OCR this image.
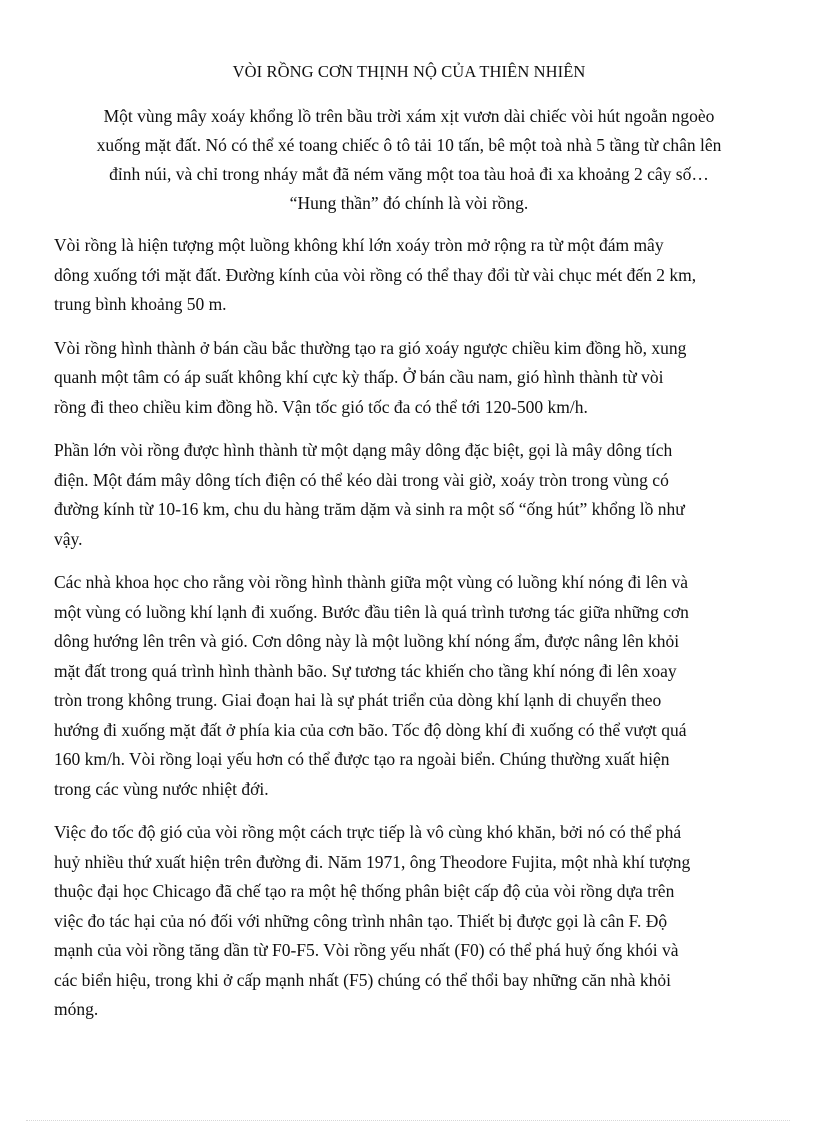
VÒI RỒNG CƠN THỊNH NỘ CỦA THIÊN NHIÊN
Một vùng mây xoáy khổng lồ trên bầu trời xám xịt vươn dài chiếc vòi hút ngoằn ngoèo
xuống mặt đất. Nó có thể xé toang chiếc ô tô tải 10 tấn, bê một toà nhà 5 tầng từ chân lên
đỉnh núi, và chỉ trong nháy mắt đã ném văng một toa tàu hoả đi xa khoảng 2 cây số…
“Hung thần” đó chính là vòi rồng.
Vòi rồng là hiện tượng một luồng không khí lớn xoáy tròn mở rộng ra từ một đám mây
dông xuống tới mặt đất. Đường kính của vòi rồng có thể thay đổi từ vài chục mét đến 2 km,
trung bình khoảng 50 m.
Vòi rồng hình thành ở bán cầu bắc thường tạo ra gió xoáy ngược chiều kim đồng hồ, xung
quanh một tâm có áp suất không khí cực kỳ thấp. Ở bán cầu nam, gió hình thành từ vòi
rồng đi theo chiều kim đồng hồ. Vận tốc gió tốc đa có thể tới 120-500 km/h.
Phần lớn vòi rồng được hình thành từ một dạng mây dông đặc biệt, gọi là mây dông tích
điện. Một đám mây dông tích điện có thể kéo dài trong vài giờ, xoáy tròn trong vùng có
đường kính từ 10-16 km, chu du hàng trăm dặm và sinh ra một số “ống hút” khổng lồ như
vậy.
Các nhà khoa học cho rằng vòi rồng hình thành giữa một vùng có luồng khí nóng đi lên và
một vùng có luồng khí lạnh đi xuống. Bước đầu tiên là quá trình tương tác giữa những cơn
dông hướng lên trên và gió. Cơn dông này là một luồng khí nóng ẩm, được nâng lên khỏi
mặt đất trong quá trình hình thành bão. Sự tương tác khiến cho tầng khí nóng đi lên xoay
tròn trong không trung. Giai đoạn hai là sự phát triển của dòng khí lạnh di chuyển theo
hướng đi xuống mặt đất ở phía kia của cơn bão. Tốc độ dòng khí đi xuống có thể vượt quá
160 km/h. Vòi rồng loại yếu hơn có thể được tạo ra ngoài biển. Chúng thường xuất hiện
trong các vùng nước nhiệt đới.
Việc đo tốc độ gió của vòi rồng một cách trực tiếp là vô cùng khó khăn, bởi nó có thể phá
huỷ nhiều thứ xuất hiện trên đường đi. Năm 1971, ông Theodore Fujita, một nhà khí tượng
thuộc đại học Chicago đã chế tạo ra một hệ thống phân biệt cấp độ của vòi rồng dựa trên
việc đo tác hại của nó đối với những công trình nhân tạo. Thiết bị được gọi là cân F. Độ
mạnh của vòi rồng tăng dần từ F0-F5. Vòi rồng yếu nhất (F0) có thể phá huỷ ống khói và
các biển hiệu, trong khi ở cấp mạnh nhất (F5) chúng có thể thổi bay những căn nhà khỏi
móng.
